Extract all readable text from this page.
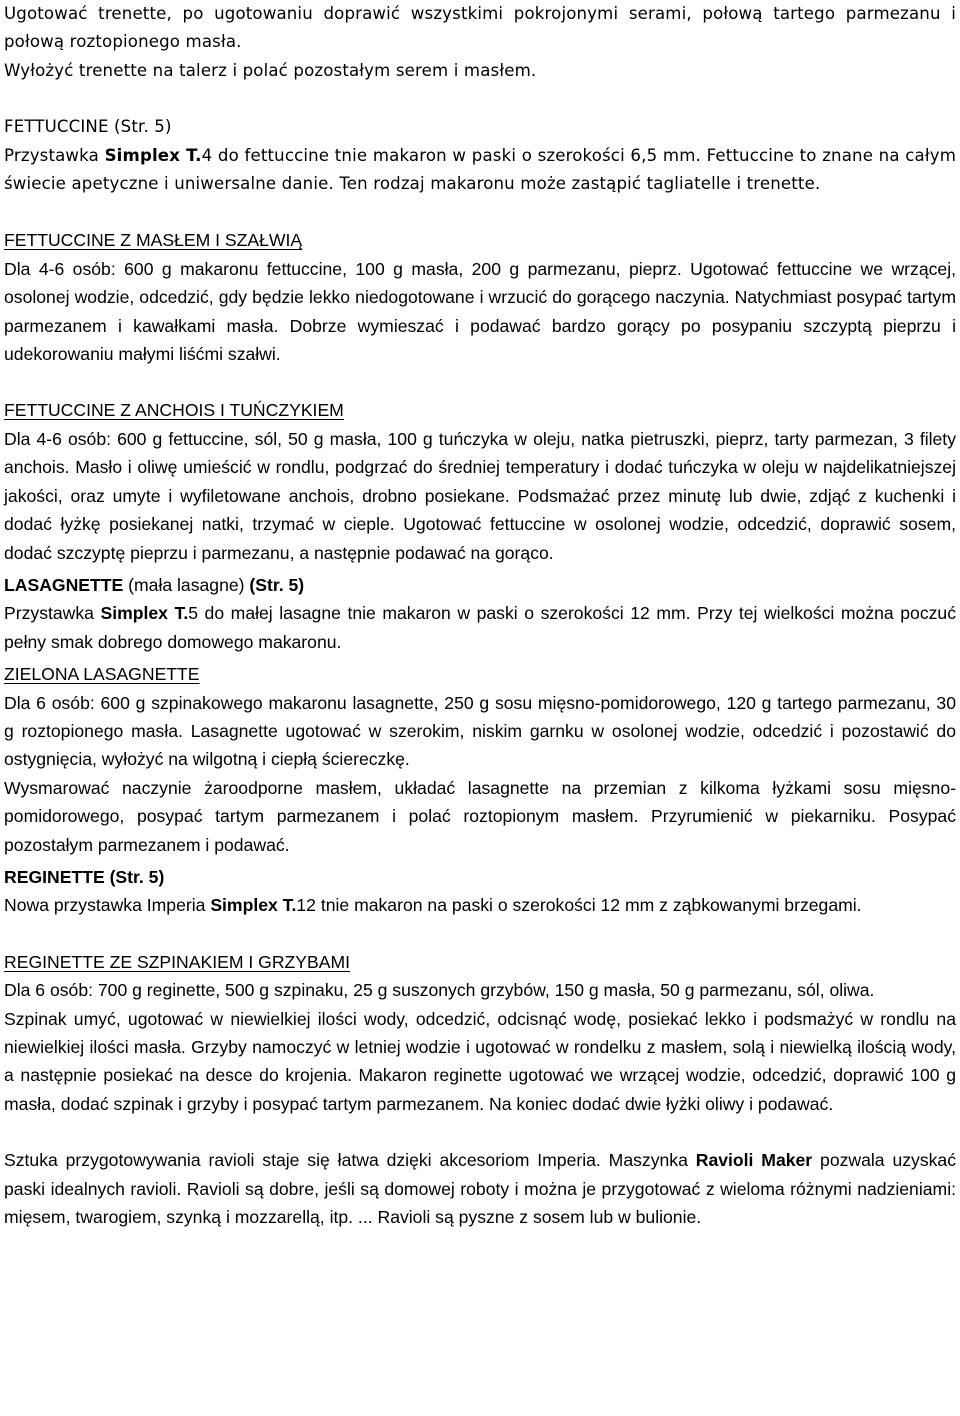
Ugotować trenette, po ugotowaniu doprawić wszystkimi pokrojonymi serami, połową tartego parmezanu i połową roztopionego masła.
Wyłożyć trenette na talerz i polać pozostałym serem i masłem.
FETTUCCINE (Str. 5)
Przystawka Simplex T.4 do fettuccine tnie makaron w paski o szerokości 6,5 mm. Fettuccine to znane na całym świecie apetyczne i uniwersalne danie. Ten rodzaj makaronu może zastąpić tagliatelle i trenette.
FETTUCCINE Z MASŁEM I SZAŁWIĄ
Dla 4-6 osób: 600 g makaronu fettuccine, 100 g masła, 200 g parmezanu, pieprz. Ugotować fettuccine we wrzącej, osolonej wodzie, odcedzić, gdy będzie lekko niedogotowane i wrzucić do gorącego naczynia. Natychmiast posypać tartym parmezanem i kawałkami masła. Dobrze wymieszać i podawać bardzo gorący po posypaniu szczyptą pieprzu i udekorowaniu małymi liśćmi szałwi.
FETTUCCINE Z ANCHOIS I TUŃCZYKIEM
Dla 4-6 osób: 600 g fettuccine, sól, 50 g masła, 100 g tuńczyka w oleju, natka pietruszki, pieprz, tarty parmezan, 3 filety anchois. Masło i oliwę umieścić w rondlu, podgrzać do średniej temperatury i dodać tuńczyka w oleju w najdelikatniejszej jakości, oraz umyte i wyfiletowane anchois, drobno posiekane. Podsmażać przez minutę lub dwie, zdjąć z kuchenki i dodać łyżkę posiekanej natki, trzymać w cieple. Ugotować fettuccine w osolonej wodzie, odcedzić, doprawić sosem, dodać szczyptę pieprzu i parmezanu, a następnie podawać na gorąco.
LASAGNETTE (mała lasagne) (Str. 5)
Przystawka Simplex T.5 do małej lasagne tnie makaron w paski o szerokości 12 mm. Przy tej wielkości można poczuć pełny smak dobrego domowego makaronu.
ZIELONA LASAGNETTE
Dla 6 osób: 600 g szpinakowego makaronu lasagnette, 250 g sosu mięsno-pomidorowego, 120 g tartego parmezanu, 30 g roztopionego masła. Lasagnette ugotować w szerokim, niskim garnku w osolonej wodzie, odcedzić i pozostawić do ostygnięcia, wyłożyć na wilgotną i ciepłą ściereczkę.
Wysmarować naczynie żaroodporne masłem, układać lasagnette na przemian z kilkoma łyżkami sosu mięsno-pomidorowego, posypać tartym parmezanem i polać roztopionym masłem. Przyrumienić w piekarniku. Posypać pozostałym parmezanem i podawać.
REGINETTE (Str. 5)
Nowa przystawka Imperia Simplex T.12 tnie makaron na paski o szerokości 12 mm z ząbkowanymi brzegami.
REGINETTE ZE SZPINAKIEM I GRZYBAMI
Dla 6 osób: 700 g reginette, 500 g szpinaku, 25 g suszonych grzybów, 150 g masła, 50 g parmezanu, sól, oliwa.
Szpinak umyć, ugotować w niewielkiej ilości wody, odcedzić, odcisnąć wodę, posiekać lekko i podsmażyć w rondlu na niewielkiej ilości masła. Grzyby namoczyć w letniej wodzie i ugotować w rondelku z masłem, solą i niewielką ilością wody, a następnie posiekać na desce do krojenia. Makaron reginette ugotować we wrzącej wodzie, odcedzić, doprawić 100 g masła, dodać szpinak i grzyby i posypać tartym parmezanem. Na koniec dodać dwie łyżki oliwy i podawać.
Sztuka przygotowywania ravioli staje się łatwa dzięki akcesoriom Imperia. Maszynka Ravioli Maker pozwala uzyskać paski idealnych ravioli. Ravioli są dobre, jeśli są domowej roboty i można je przygotować z wieloma różnymi nadzieniami: mięsem, twarogiem, szynką i mozzarellą, itp. ... Ravioli są pyszne z sosem lub w bulionie.
